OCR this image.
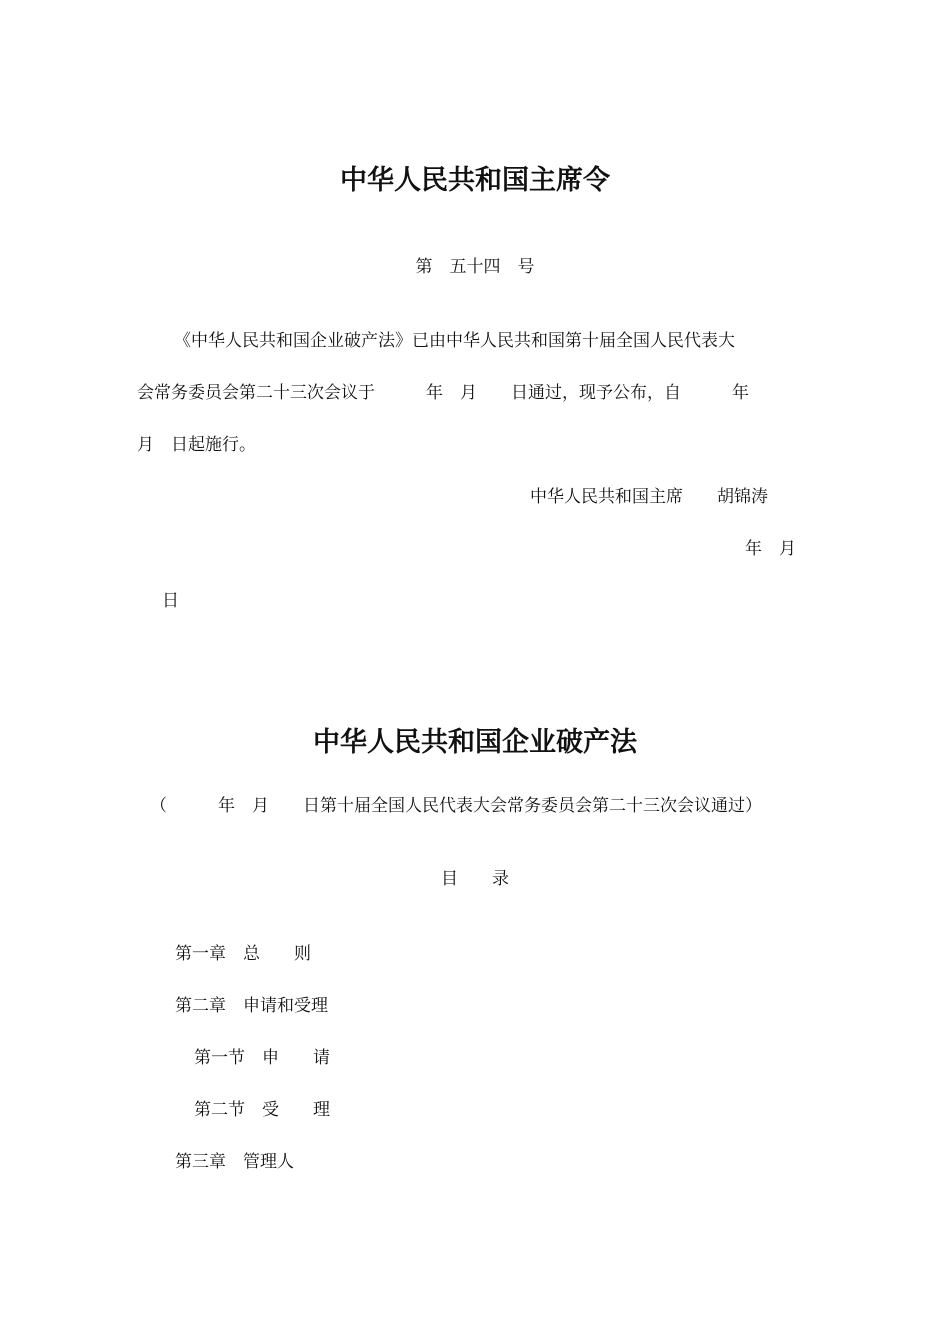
中华人民共和国主席令
第　五十四　号
《中华人民共和国企业破产法》已由中华人民共和国第十届全国人民代表大
会常务委员会第二十三次会议于　　　年　月　　日通过，现予公布，自　　　年
月　日起施行。
中华人民共和国主席　　胡锦涛
年　月
日
中华人民共和国企业破产法
（　　　年　月　　日第十届全国人民代表大会常务委员会第二十三次会议通过）
目　　录
第一章　总　　则
第二章　申请和受理
第一节　申　　请
第二节　受　　理
第三章　管理人
